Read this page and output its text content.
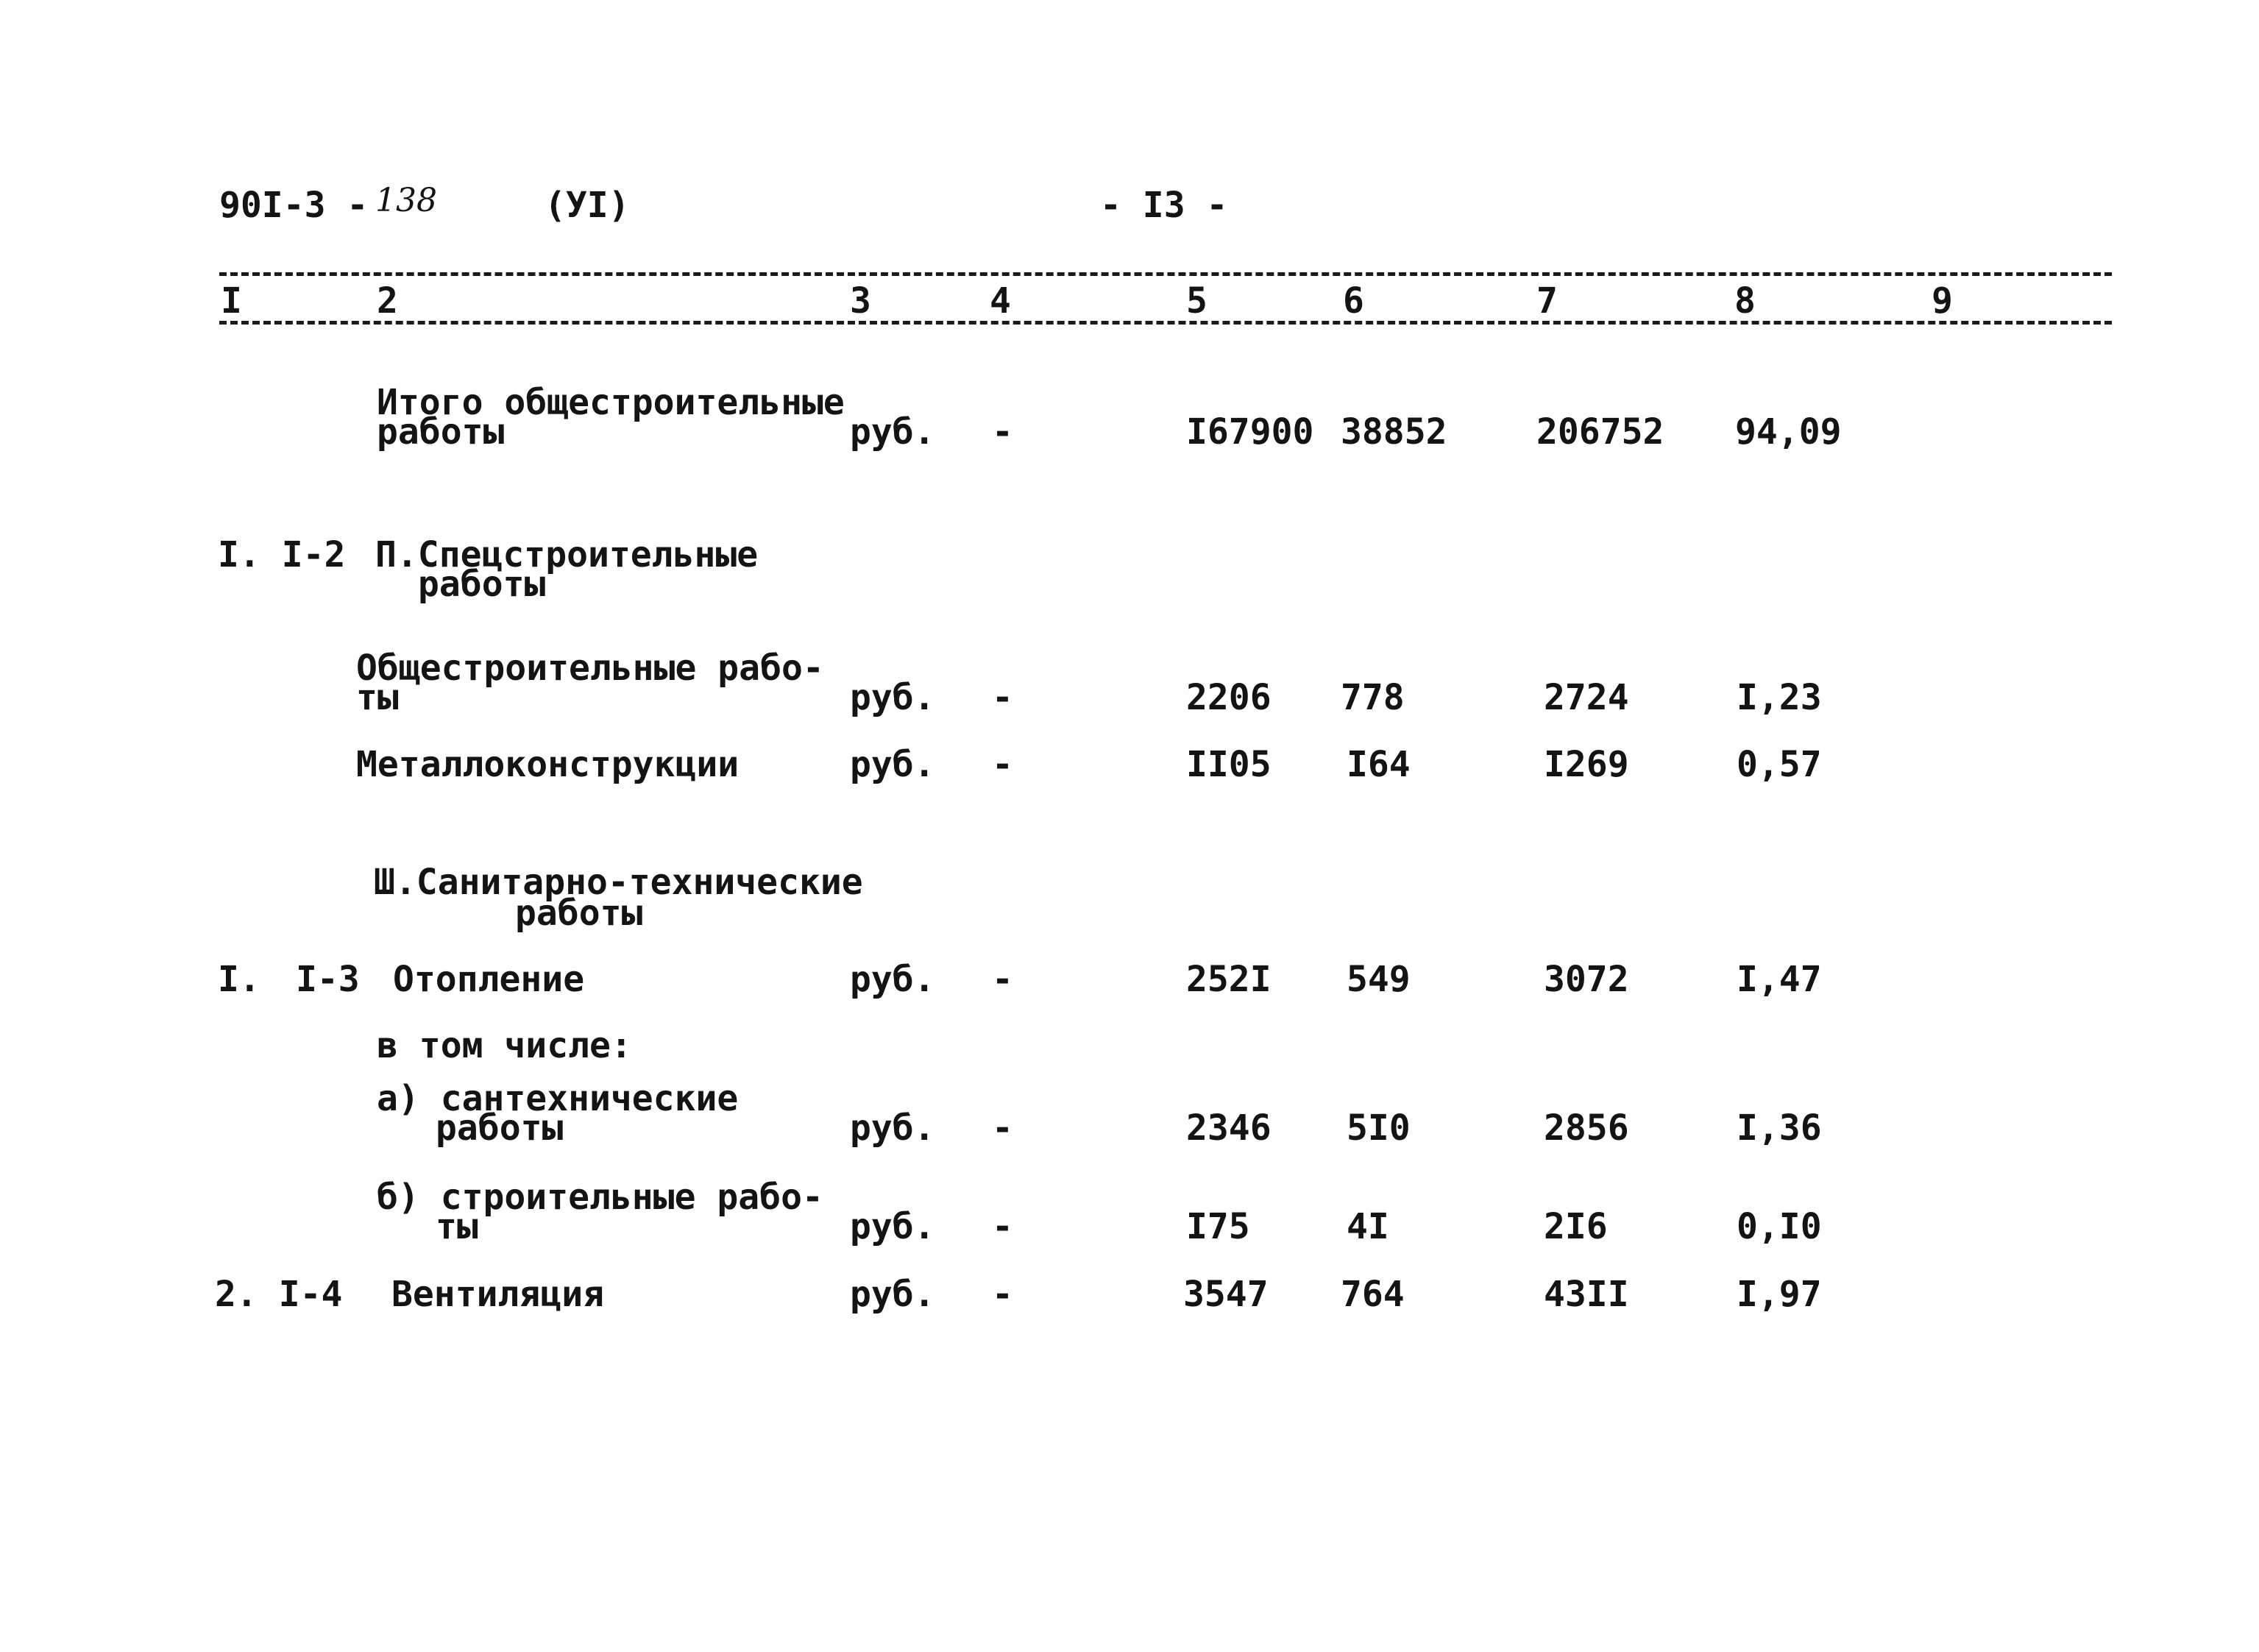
90I-3 - 138	(УI)	- I3 -
I	2	3	4	5	6	7	8	9
Итого общестроительные
работы	руб. -	I67900 38852	206752 94,09
I. I-2 П.Спецстроительные
работы
Общестроительные рабо-
ты	руб. -	2206 778	2724	I,23
Металлоконструкции	руб. -	II05 I64	I269	0,57
Ш.Санитарно-технические
работы
I. I-3 Отопление	руб. -	252I 549	3072	I,47
в том числе:
а) сантехнические
работы	руб. -	2346 5I0	2856	I,36
б) строительные рабо-
ты	руб. -	I75	4I	2I6	0,I0
2. I-4 Вентиляция	руб. -	3547 764	43II	I,97
